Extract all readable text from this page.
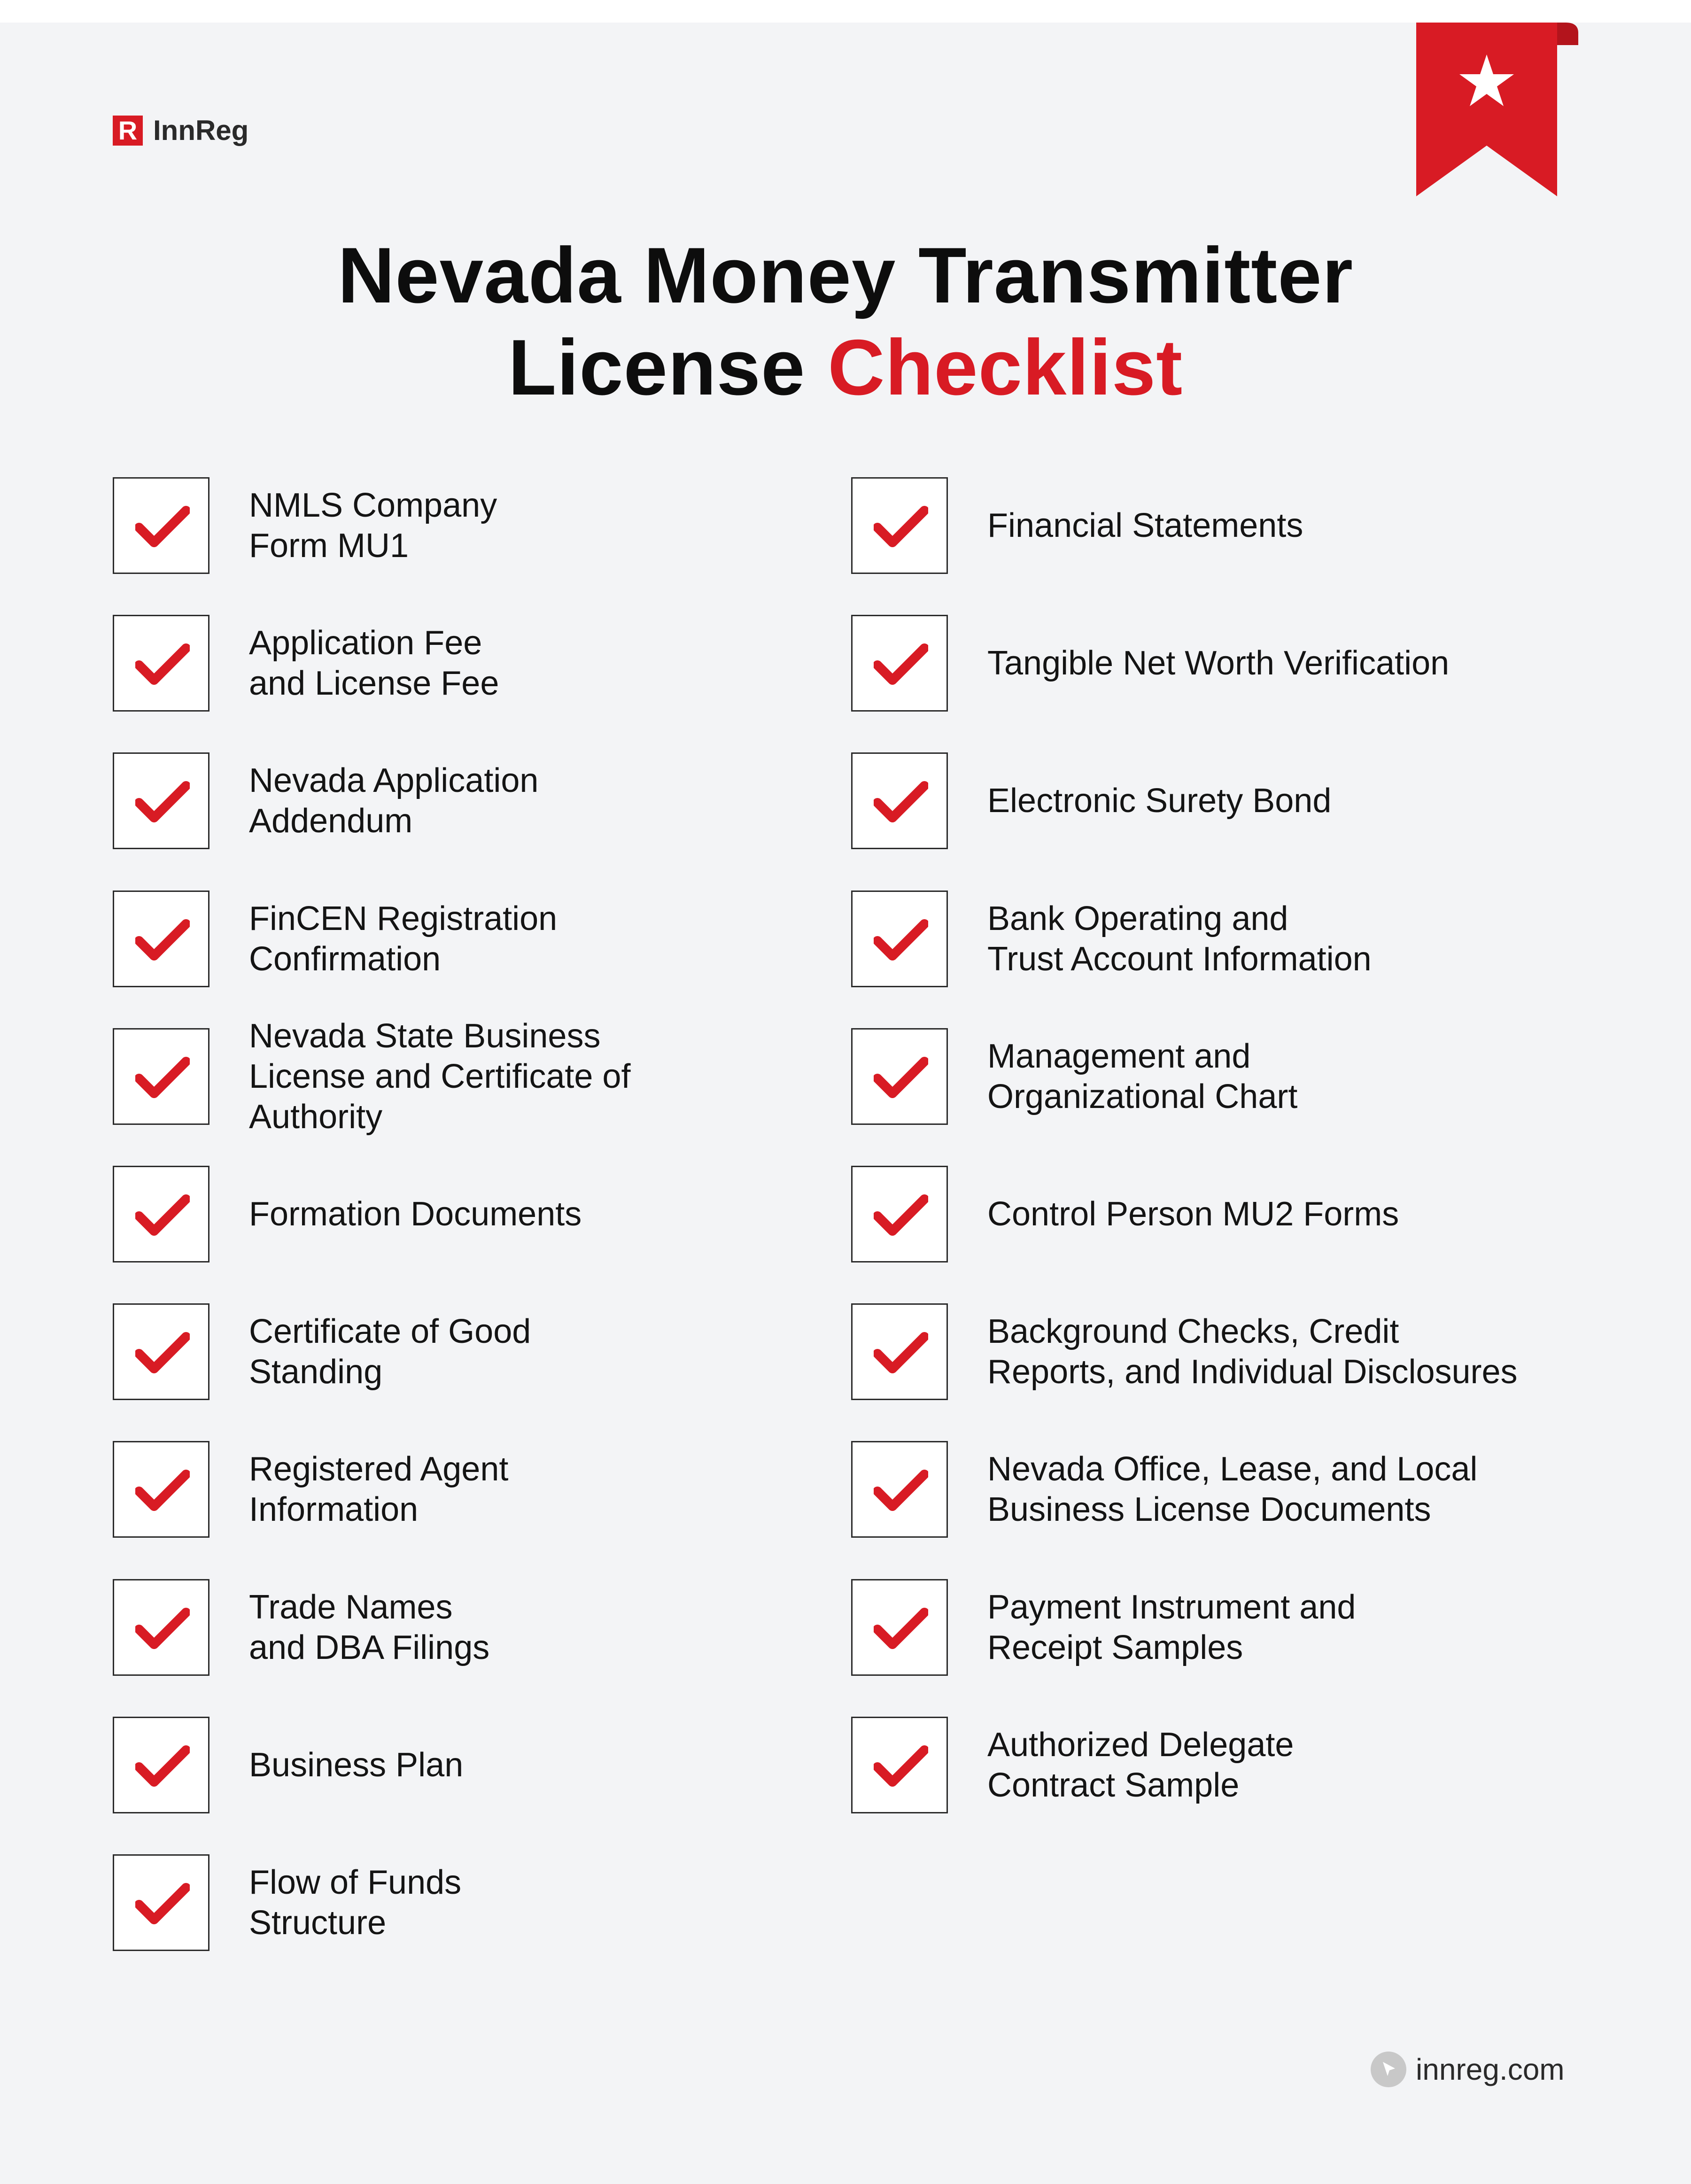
R InnReg
Nevada Money Transmitter
License Checklist
NMLS Company
Form MU1
Application Fee
and License Fee
Nevada Application
Addendum
FinCEN Registration
Confirmation
Nevada State Business
License and Certificate of
Authority
Formation Documents
Certificate of Good
Standing
Registered Agent
Information
Trade Names
and DBA Filings
Business Plan
Flow of Funds
Structure
Financial Statements
Tangible Net Worth Verification
Electronic Surety Bond
Bank Operating and
Trust Account Information
Management and
Organizational Chart
Control Person MU2 Forms
Background Checks, Credit
Reports, and Individual Disclosures
Nevada Office, Lease, and Local
Business License Documents
Payment Instrument and
Receipt Samples
Authorized Delegate
Contract Sample
innreg.com
